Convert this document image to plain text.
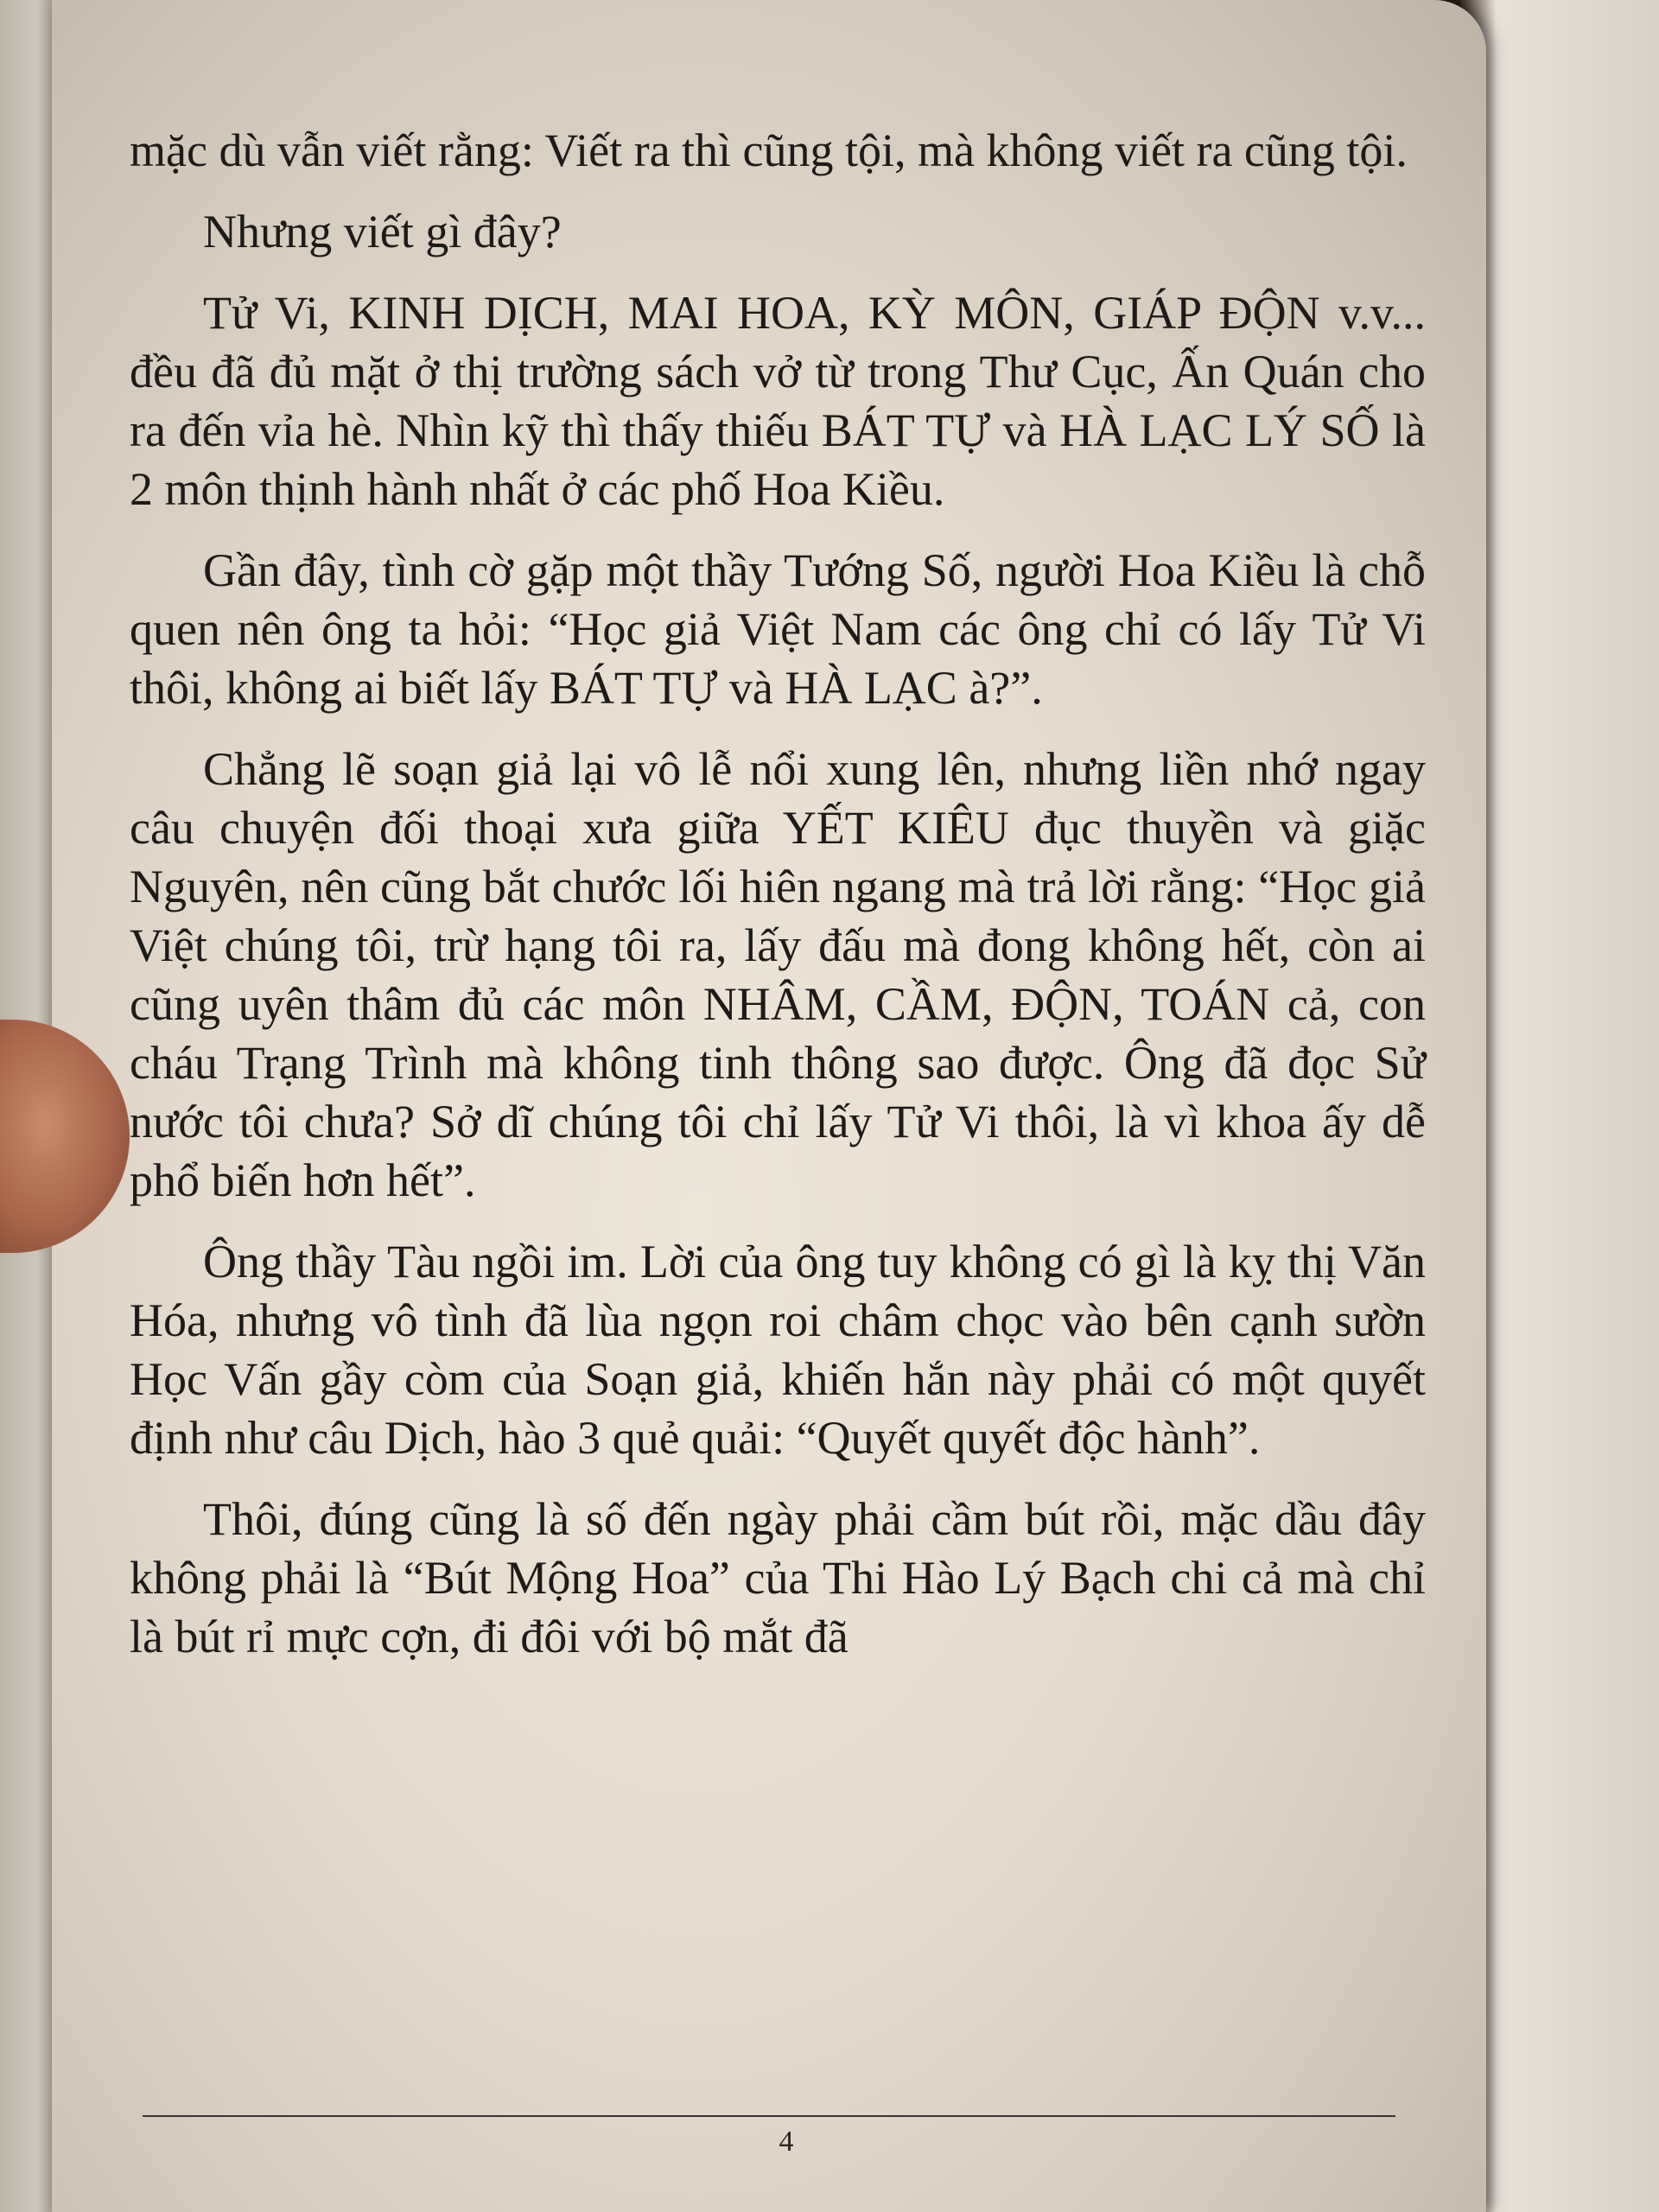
mặc dù vẫn viết rằng: Viết ra thì cũng tội, mà không viết ra cũng tội.

Nhưng viết gì đây?

Tử Vi, KINH DỊCH, MAI HOA, KỲ MÔN, GIÁP ĐỘN v.v... đều đã đủ mặt ở thị trường sách vở từ trong Thư Cục, Ấn Quán cho ra đến vỉa hè. Nhìn kỹ thì thấy thiếu BÁT TỰ và HÀ LẠC LÝ SỐ là 2 môn thịnh hành nhất ở các phố Hoa Kiều.

Gần đây, tình cờ gặp một thầy Tướng Số, người Hoa Kiều là chỗ quen nên ông ta hỏi: “Học giả Việt Nam các ông chỉ có lấy Tử Vi thôi, không ai biết lấy BÁT TỰ và HÀ LẠC à?”.

Chẳng lẽ soạn giả lại vô lễ nổi xung lên, nhưng liền nhớ ngay câu chuyện đối thoại xưa giữa YẾT KIÊU đục thuyền và giặc Nguyên, nên cũng bắt chước lối hiên ngang mà trả lời rằng: “Học giả Việt chúng tôi, trừ hạng tôi ra, lấy đấu mà đong không hết, còn ai cũng uyên thâm đủ các môn NHÂM, CẦM, ĐỘN, TOÁN cả, con cháu Trạng Trình mà không tinh thông sao được. Ông đã đọc Sử nước tôi chưa? Sở dĩ chúng tôi chỉ lấy Tử Vi thôi, là vì khoa ấy dễ phổ biến hơn hết”.

Ông thầy Tàu ngồi im. Lời của ông tuy không có gì là kỵ thị Văn Hóa, nhưng vô tình đã lùa ngọn roi châm chọc vào bên cạnh sườn Học Vấn gầy còm của Soạn giả, khiến hắn này phải có một quyết định như câu Dịch, hào 3 quẻ quải: “Quyết quyết độc hành”.

Thôi, đúng cũng là số đến ngày phải cầm bút rồi, mặc dầu đây không phải là “Bút Mộng Hoa” của Thi Hào Lý Bạch chi cả mà chỉ là bút rỉ mực cợn, đi đôi với bộ mắt đã

4
